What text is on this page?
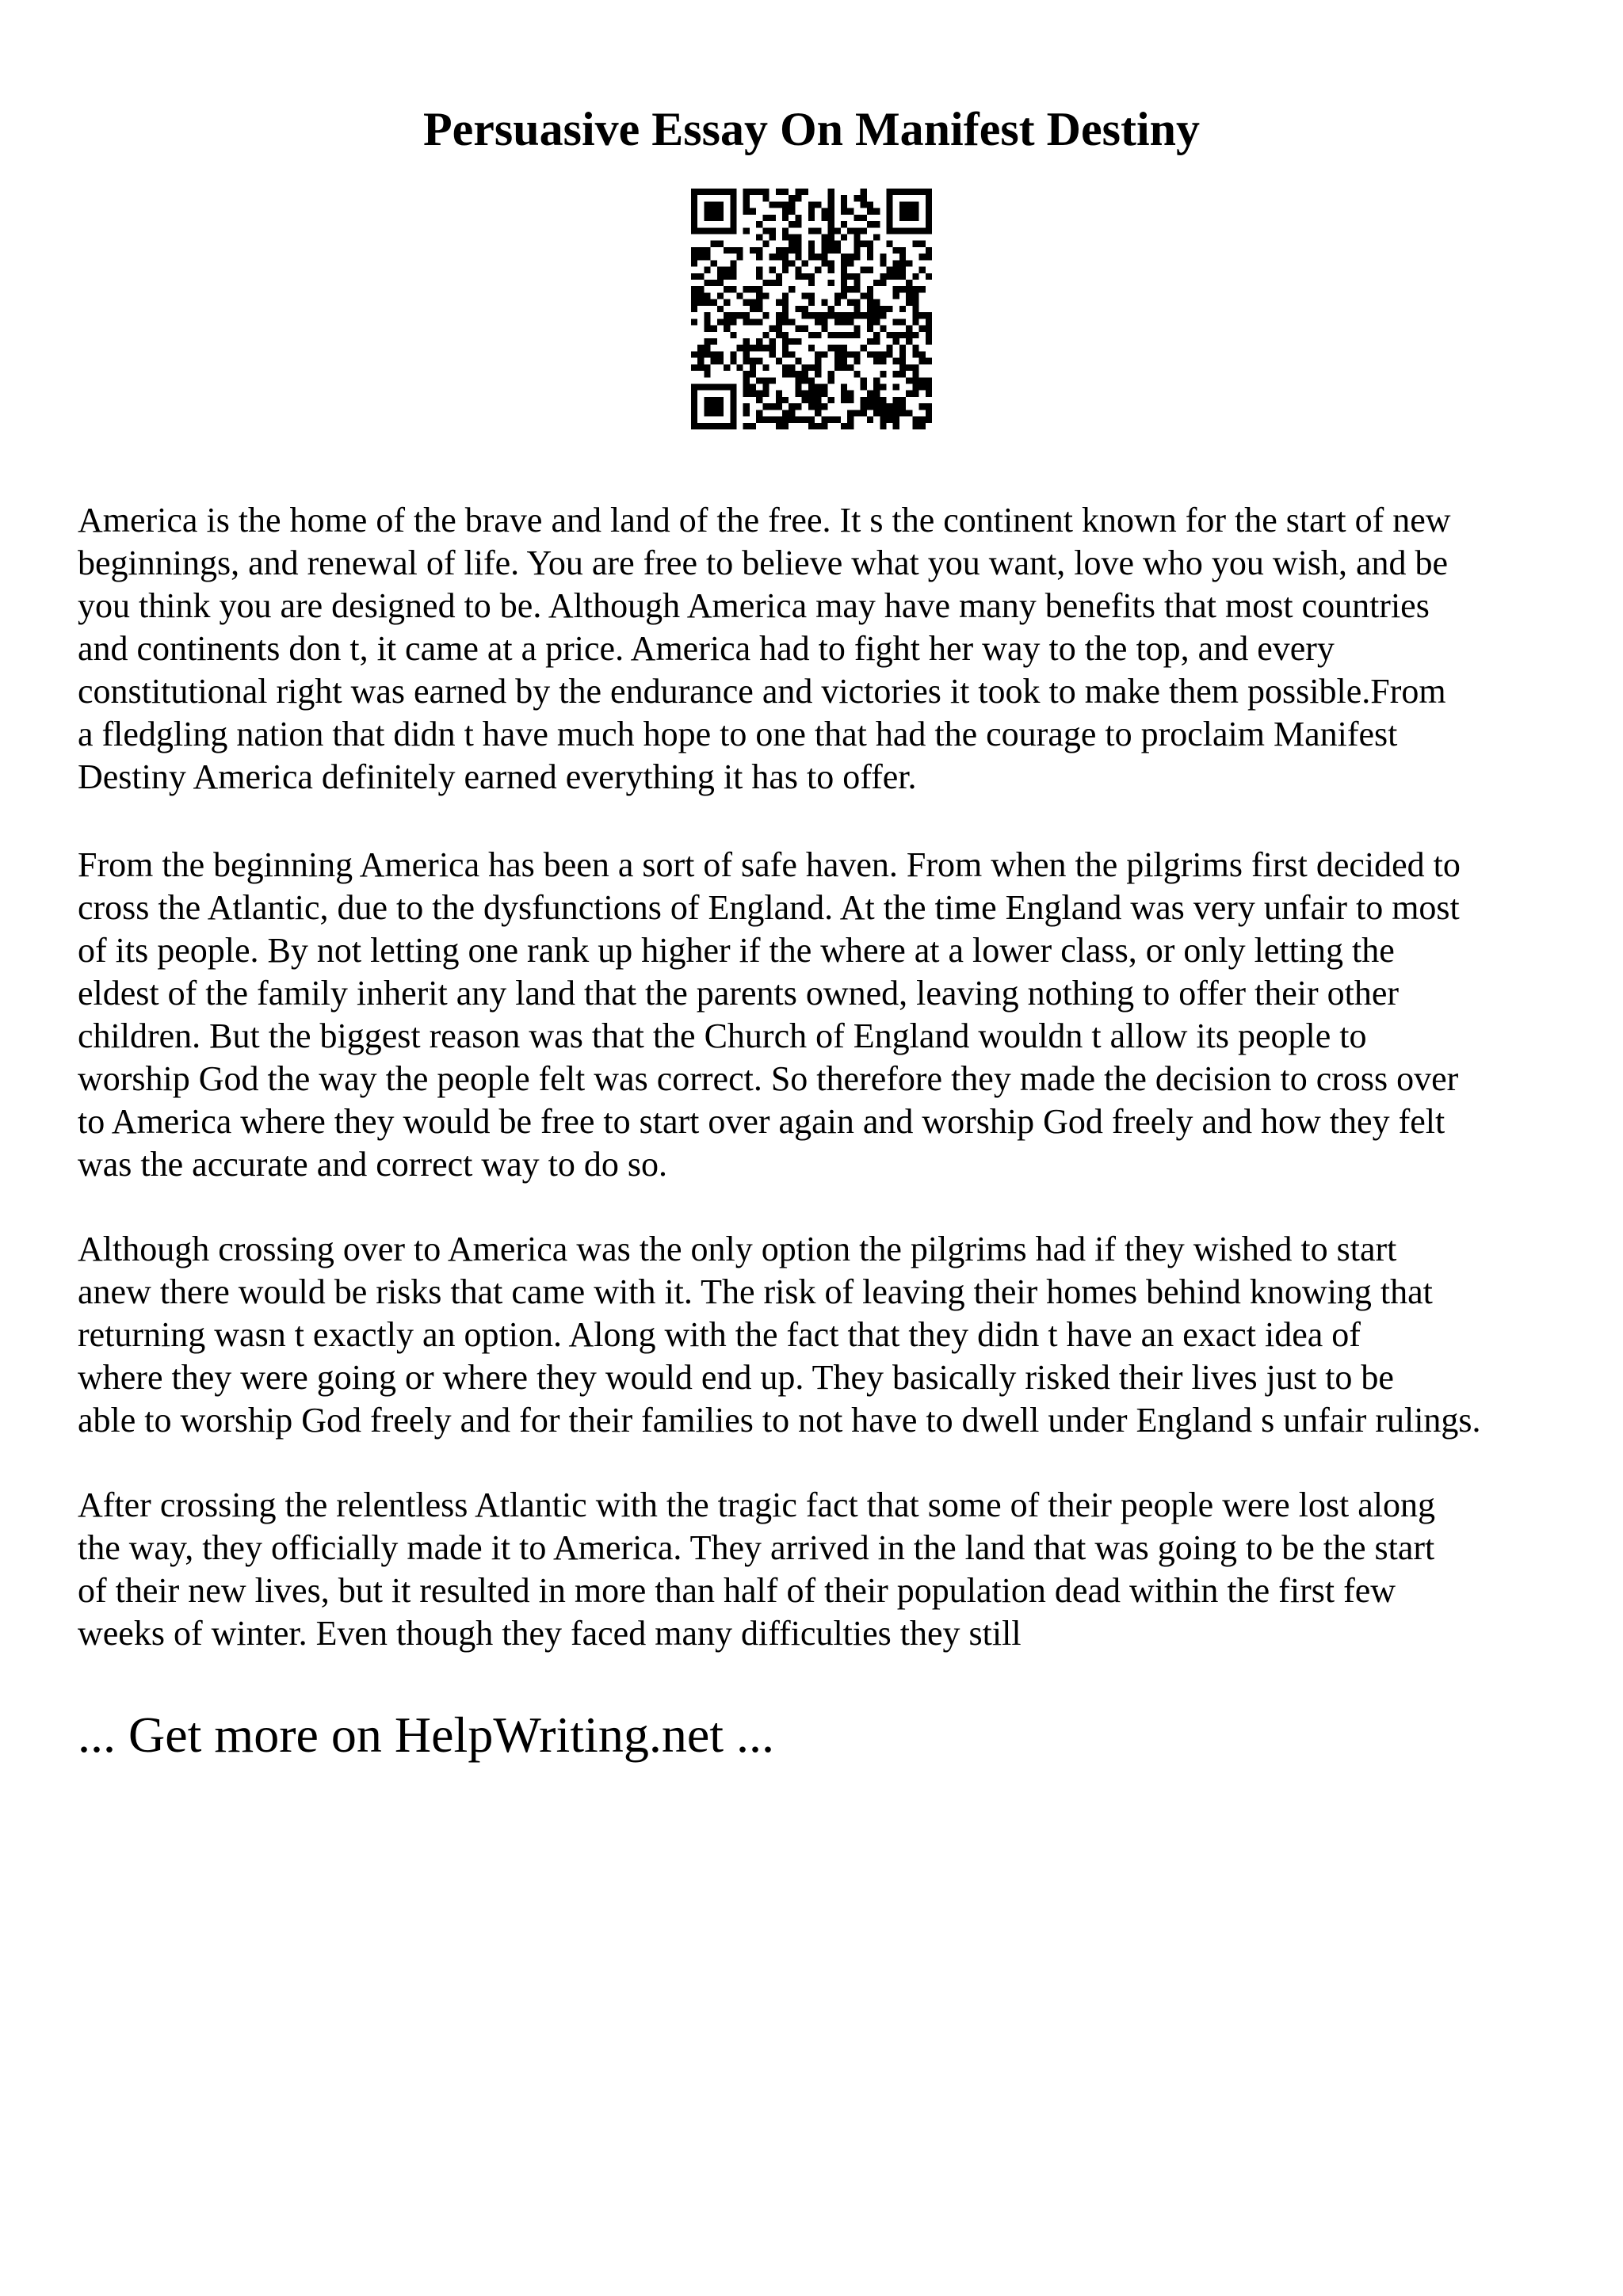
Persuasive Essay On Manifest Destiny
America is the home of the brave and land of the free. It s the continent known for the start of new
beginnings, and renewal of life. You are free to believe what you want, love who you wish, and be
you think you are designed to be. Although America may have many benefits that most countries
and continents don t, it came at a price. America had to fight her way to the top, and every
constitutional right was earned by the endurance and victories it took to make them possible.From
a fledgling nation that didn t have much hope to one that had the courage to proclaim Manifest
Destiny America definitely earned everything it has to offer.
From the beginning America has been a sort of safe haven. From when the pilgrims first decided to
cross the Atlantic, due to the dysfunctions of England. At the time England was very unfair to most
of its people. By not letting one rank up higher if the where at a lower class, or only letting the
eldest of the family inherit any land that the parents owned, leaving nothing to offer their other
children. But the biggest reason was that the Church of England wouldn t allow its people to
worship God the way the people felt was correct. So therefore they made the decision to cross over
to America where they would be free to start over again and worship God freely and how they felt
was the accurate and correct way to do so.
Although crossing over to America was the only option the pilgrims had if they wished to start
anew there would be risks that came with it. The risk of leaving their homes behind knowing that
returning wasn t exactly an option. Along with the fact that they didn t have an exact idea of
where they were going or where they would end up. They basically risked their lives just to be
able to worship God freely and for their families to not have to dwell under England s unfair rulings.
After crossing the relentless Atlantic with the tragic fact that some of their people were lost along
the way, they officially made it to America. They arrived in the land that was going to be the start
of their new lives, but it resulted in more than half of their population dead within the first few
weeks of winter. Even though they faced many difficulties they still
... Get more on HelpWriting.net ...
